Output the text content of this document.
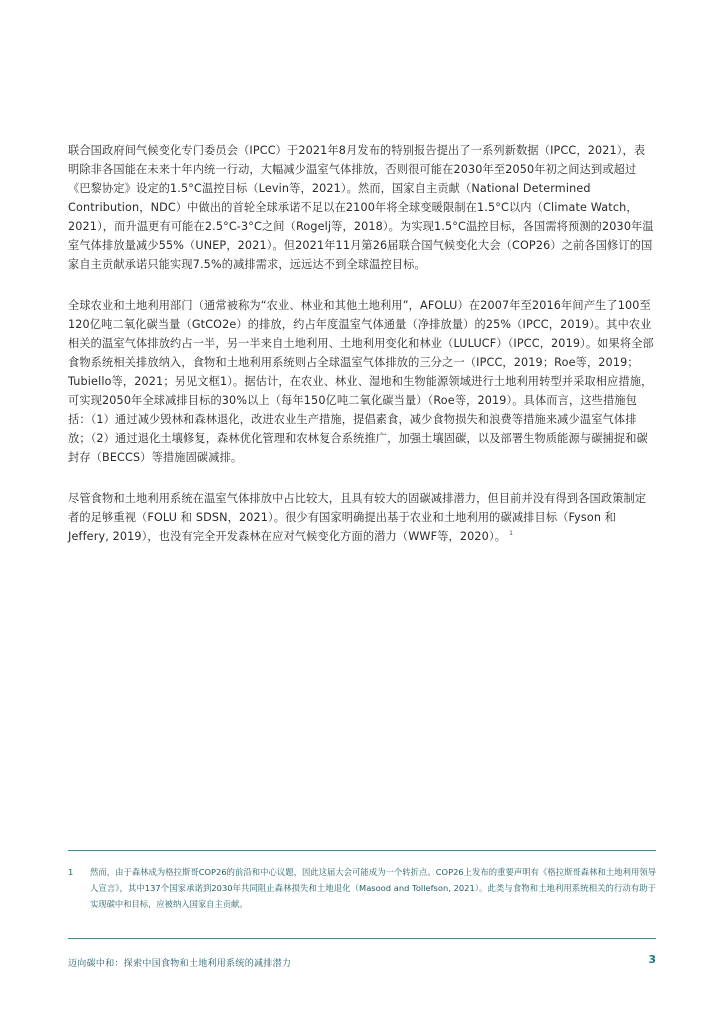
联合国政府间气候变化专门委员会（IPCC）于2021年8月发布的特别报告提出了一系列新数据（IPCC，2021），表明除非各国能在未来十年内统一行动，大幅减少温室气体排放，否则很可能在2030年至2050年初之间达到或超过《巴黎协定》设定的1.5°C温控目标（Levin等，2021）。然而，国家自主贡献（National Determined Contribution，NDC）中做出的首轮全球承诺不足以在2100年将全球变暖限制在1.5°C以内（Climate Watch，2021），而升温更有可能在2.5°C-3°C之间（Rogelj等，2018）。为实现1.5°C温控目标，各国需将预测的2030年温室气体排放量减少55%（UNEP，2021）。但2021年11月第26届联合国气候变化大会（COP26）之前各国修订的国家自主贡献承诺只能实现7.5%的减排需求，远远达不到全球温控目标。

全球农业和土地利用部门（通常被称为“农业、林业和其他土地利用”，AFOLU）在2007年至2016年间产生了100至120亿吨二氧化碳当量（GtCO2e）的排放，约占年度温室气体通量（净排放量）的25%（IPCC，2019）。其中农业相关的温室气体排放约占一半，另一半来自土地利用、土地利用变化和林业（LULUCF）（IPCC，2019）。如果将全部食物系统相关排放纳入，食物和土地利用系统则占全球温室气体排放的三分之一（IPCC，2019；Roe等，2019；Tubiello等，2021；另见文框1）。据估计，在农业、林业、湿地和生物能源领域进行土地利用转型并采取相应措施，可实现2050年全球减排目标的30%以上（每年150亿吨二氧化碳当量）（Roe等，2019）。具体而言，这些措施包括：（1）通过减少毁林和森林退化，改进农业生产措施，提倡素食，减少食物损失和浪费等措施来减少温室气体排放；（2）通过退化土壤修复，森林优化管理和农林复合系统推广，加强土壤固碳，以及部署生物质能源与碳捕捉和碳封存（BECCS）等措施固碳减排。

尽管食物和土地利用系统在温室气体排放中占比较大，且具有较大的固碳减排潜力，但目前并没有得到各国政策制定者的足够重视（FOLU 和 SDSN，2021）。很少有国家明确提出基于农业和土地利用的碳减排目标（Fyson 和 Jeffery, 2019），也没有完全开发森林在应对气候变化方面的潜力（WWF等，2020）。 $^1$

1	然而，由于森林成为格拉斯哥COP26的前沿和中心议题，因此这届大会可能成为一个转折点。COP26上发布的重要声明有《格拉斯哥森林和土地利用领导人宣言》，其中137个国家承诺到2030年共同阻止森林损失和土地退化（Masood and Tollefson, 2021）。此类与食物和土地利用系统相关的行动有助于实现碳中和目标，应被纳入国家自主贡献。
迈向碳中和：探索中国食物和土地利用系统的减排潜力	3
